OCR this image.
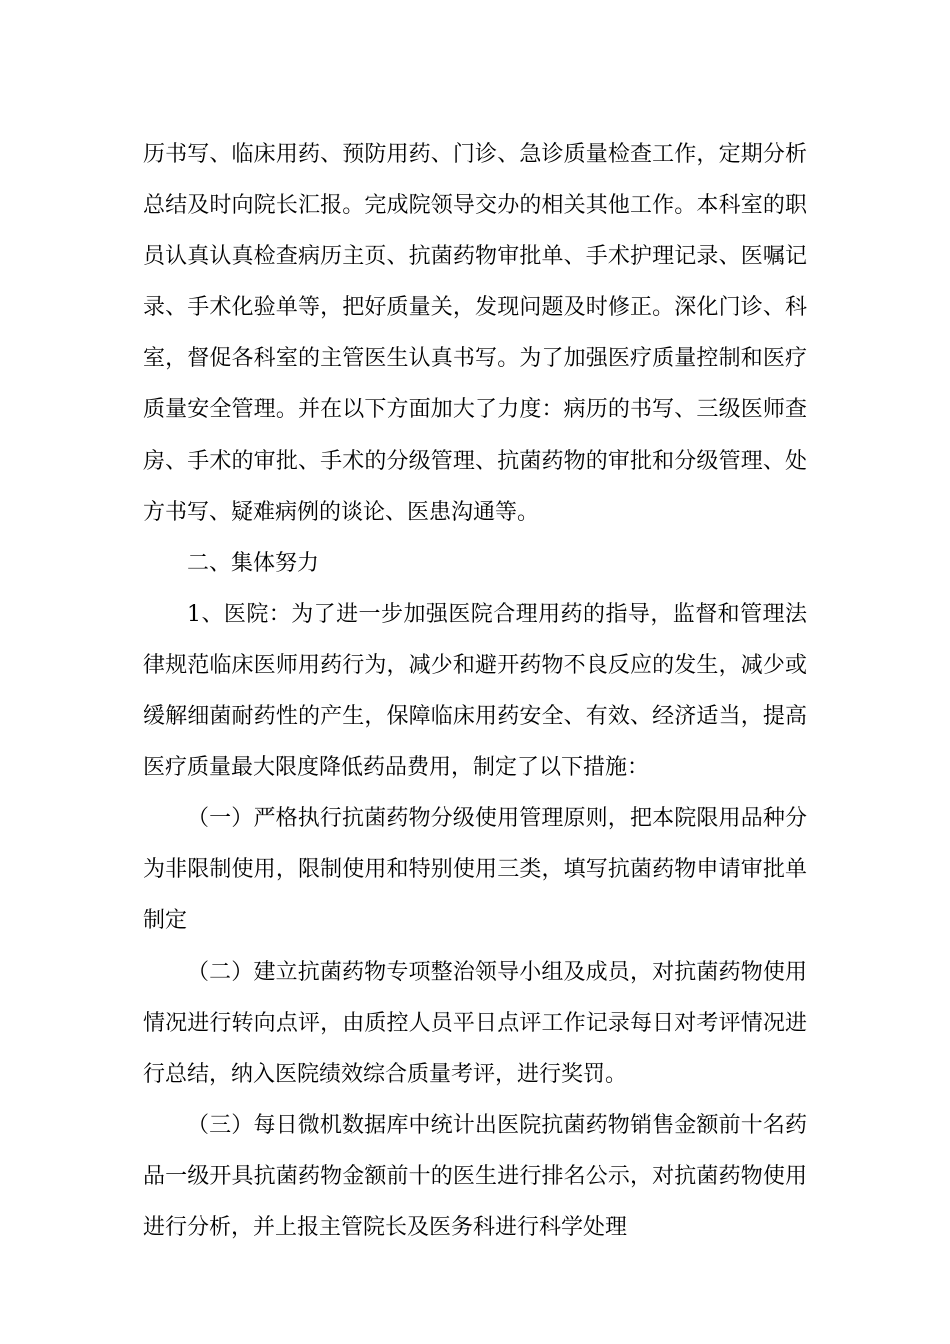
历书写、临床用药、预防用药、门诊、急诊质量检查工作，定期分析总结及时向院长汇报。完成院领导交办的相关其他工作。本科室的职员认真认真检查病历主页、抗菌药物审批单、手术护理记录、医嘱记录、手术化验单等，把好质量关，发现问题及时修正。深化门诊、科室，督促各科室的主管医生认真书写。为了加强医疗质量控制和医疗质量安全管理。并在以下方面加大了力度：病历的书写、三级医师查房、手术的审批、手术的分级管理、抗菌药物的审批和分级管理、处方书写、疑难病例的谈论、医患沟通等。

二、集体努力

1、医院：为了进一步加强医院合理用药的指导，监督和管理法律规范临床医师用药行为，减少和避开药物不良反应的发生，减少或缓解细菌耐药性的产生，保障临床用药安全、有效、经济适当，提高医疗质量最大限度降低药品费用，制定了以下措施：

（一）严格执行抗菌药物分级使用管理原则，把本院限用品种分为非限制使用，限制使用和特别使用三类，填写抗菌药物申请审批单制定

（二）建立抗菌药物专项整治领导小组及成员，对抗菌药物使用情况进行转向点评，由质控人员平日点评工作记录每日对考评情况进行总结，纳入医院绩效综合质量考评，进行奖罚。

（三）每日微机数据库中统计出医院抗菌药物销售金额前十名药品一级开具抗菌药物金额前十的医生进行排名公示，对抗菌药物使用进行分析，并上报主管院长及医务科进行科学处理
